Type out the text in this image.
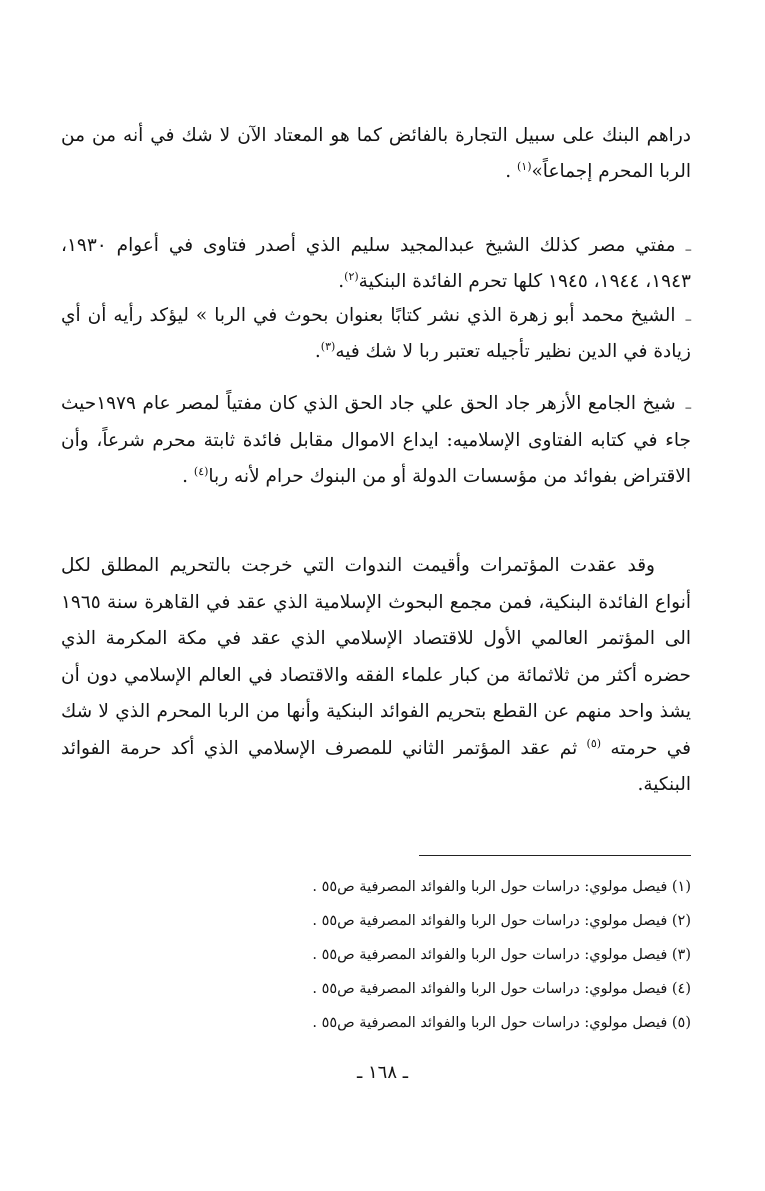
دراهم البنك على سبيل التجارة بالفائض كما هو المعتاد الآن لا شك في أنه من من الربا المحرم إجماعاً»$^{(١)}$ .

ـمفتي مصر كذلك الشيخ عبدالمجيد سليم الذي أصدر فتاوى في أعوام ١٩٣٠، ١٩٤٣، ١٩٤٤، ١٩٤٥ كلها تحرم الفائدة البنكية$^{(٢)}$.

ـالشيخ محمد أبو زهرة الذي نشر كتابًا بعنوان بحوث في الربا » ليؤكد رأيه أن أي زيادة في الدين نظير تأجيله تعتبر ربا لا شك فيه$^{(٣)}$.

ـشيخ الجامع الأزهر جاد الحق علي جاد الحق الذي كان مفتياً لمصر عام ١٩٧٩حيث جاء في كتابه الفتاوى الإسلاميه: ايداع الاموال مقابل فائدة ثابتة محرم شرعاً، وأن الاقتراض بفوائد من مؤسسات الدولة أو من البنوك حرام لأنه ربا$^{(٤)}$ .

وقد عقدت المؤتمرات وأقيمت الندوات التي خرجت بالتحريم المطلق لكل أنواع الفائدة البنكية، فمن مجمع البحوث الإسلامية الذي عقد في القاهرة سنة ١٩٦٥ الى المؤتمر العالمي الأول للاقتصاد الإسلامي الذي عقد في مكة المكرمة الذي حضره أكثر من ثلاثمائة من كبار علماء الفقه والاقتصاد في العالم الإسلامي دون أن يشذ واحد منهم عن القطع بتحريم الفوائد البنكية وأنها من الربا المحرم الذي لا شك في حرمته $^{(٥)}$ ثم عقد المؤتمر الثاني للمصرف الإسلامي الذي أكد حرمة الفوائد البنكية.

(١) فيصل مولوي: دراسات حول الربا والفوائد المصرفية ص٥٥ .
(٢) فيصل مولوي: دراسات حول الربا والفوائد المصرفية ص٥٥ .
(٣) فيصل مولوي: دراسات حول الربا والفوائد المصرفية ص٥٥ .
(٤) فيصل مولوي: دراسات حول الربا والفوائد المصرفية ص٥٥ .
(٥) فيصل مولوي: دراسات حول الربا والفوائد المصرفية ص٥٥ .
ـ ١٦٨ ـ
